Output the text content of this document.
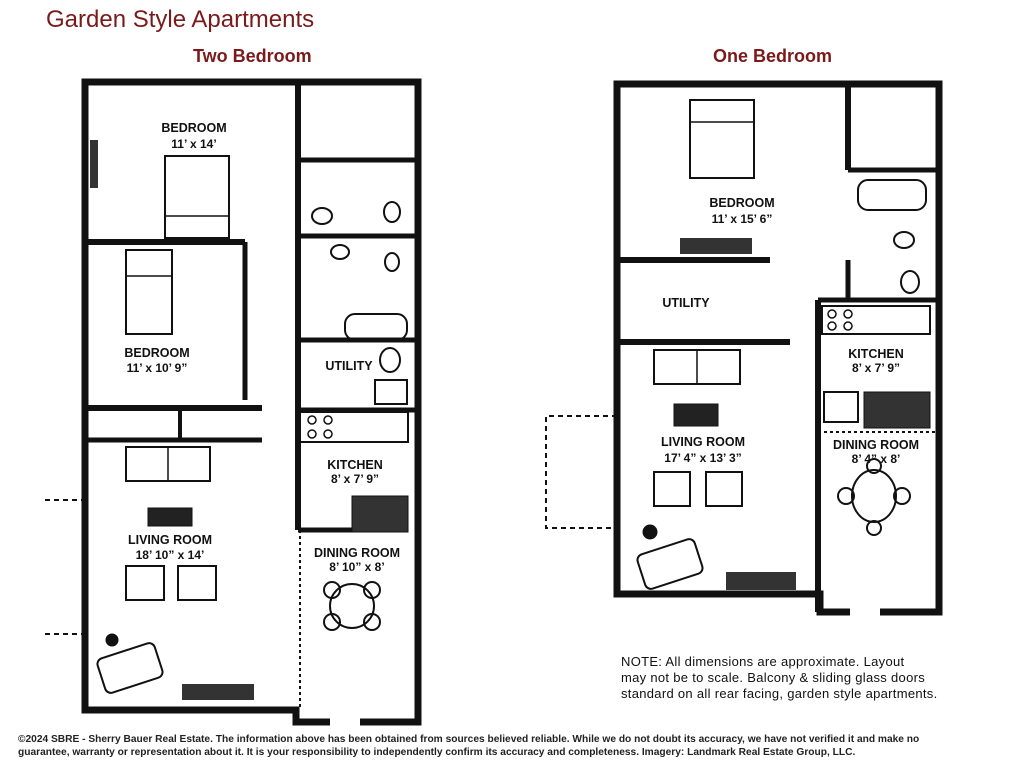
Garden Style Apartments
Two Bedroom	One Bedroom
BEDROOM
11’ x 14’
BEDROOM
11’ x 10’ 9”	UTILITY
KITCHEN
8’ x 7’ 9”
DINING ROOM
8’ 10” x 8’
LIVING ROOM
18’ 10” x 14’
BEDROOM
11’ x 15’ 6”
UTILITY
KITCHEN
8’ x 7’ 9”
LIVING ROOM
17’ 4” x 13’ 3”
DINING ROOM
8’ 4” x 8’
NOTE: All dimensions are approximate. Layout
may not be to scale. Balcony & sliding glass doors
standard on all rear facing, garden style apartments.
©2024 SBRE - Sherry Bauer Real Estate. The information above has been obtained from sources believed reliable. While we do not doubt its accuracy, we have not verified it and make no
guarantee, warranty or representation about it. It is your responsibility to independently confirm its accuracy and completeness. Imagery: Landmark Real Estate Group, LLC.
